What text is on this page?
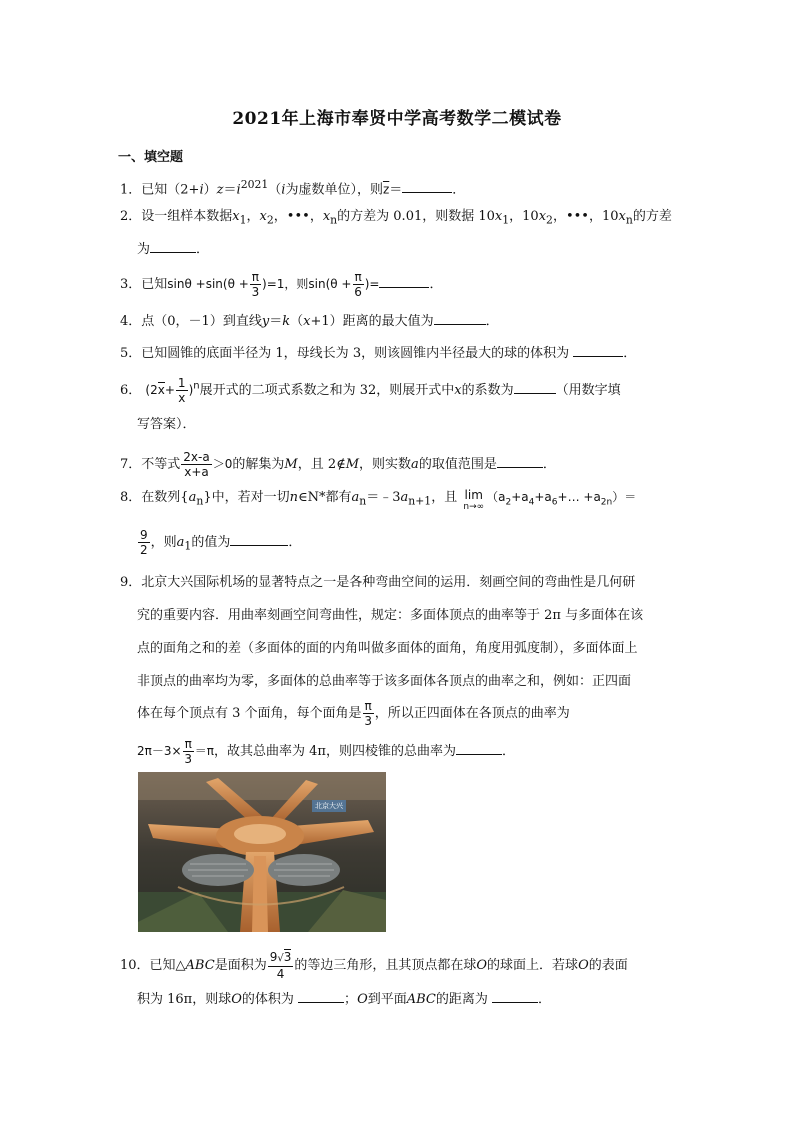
2021年上海市奉贤中学高考数学二模试卷
一、填空题
1．已知$(2+i)z=i^{2021}(i$为虚数单位），则$\overline{z}=$	．
2．设一组样本数据$x_1$，$x_2$，•••，$x_n$的方差为 0.01，则数据 $10x_1$，$10x_2$，•••，$10x_n$的方差
为	．
3．已知$\sin\theta +\sin(\theta + \frac{\pi}{3} )=1$，则$\sin(\theta + \frac{\pi}{6}$ )=	．
4．点（0，－1）到直线y＝k（x+1）距离的最大值为	．
5．已知圆锥的底面半径为 1，母线长为 3，则该圆锥内半径最大的球的体积为	．
6． $(2x+ \frac{1}{x} )^n$展开式的二项式系数之和为 32，则展开式中x的系数为	（用数字填
写答案）．
7．不等式 $\frac{2x-a}{x+a} >0$的解集为M，且 2∉M，则实数a的取值范围是	．
8．在数列$\{a_n\}$中，若对一切n∈N*都有$a_n=﹣3a_{n+1}$，且 lim
n→∞
$(a_2+a_4+a_6+\dots +a_{2n})=$
$\frac{9}{2}$ ，则$a_1$的值为	．
9．北京大兴国际机场的显著特点之一是各种弯曲空间的运用．刻画空间的弯曲性是几何研
究的重要内容．用曲率刻画空间弯曲性，规定：多面体顶点的曲率等于 2π 与多面体在该
点的面角之和的差（多面体的面的内角叫做多面体的面角，角度用弧度制），多面体面上
非顶点的曲率均为零，多面体的总曲率等于该多面体各顶点的曲率之和，例如：正四面
体在每个顶点有 3 个面角，每个面角是 $\frac{\pi}{3}$ ，所以正四面体在各顶点的曲率为
$2\pi-3\times \frac{\pi}{3} =\pi$，故其总曲率为 4π，则四棱锥的总曲率为	．
北京大兴
10．已知△ABC是面积为 $\frac{9√3}{4}$ 的等边三角形，且其顶点都在球O的球面上．若球O的表面
积为 16π，则球O的体积为	；O到平面ABC的距离为	．
